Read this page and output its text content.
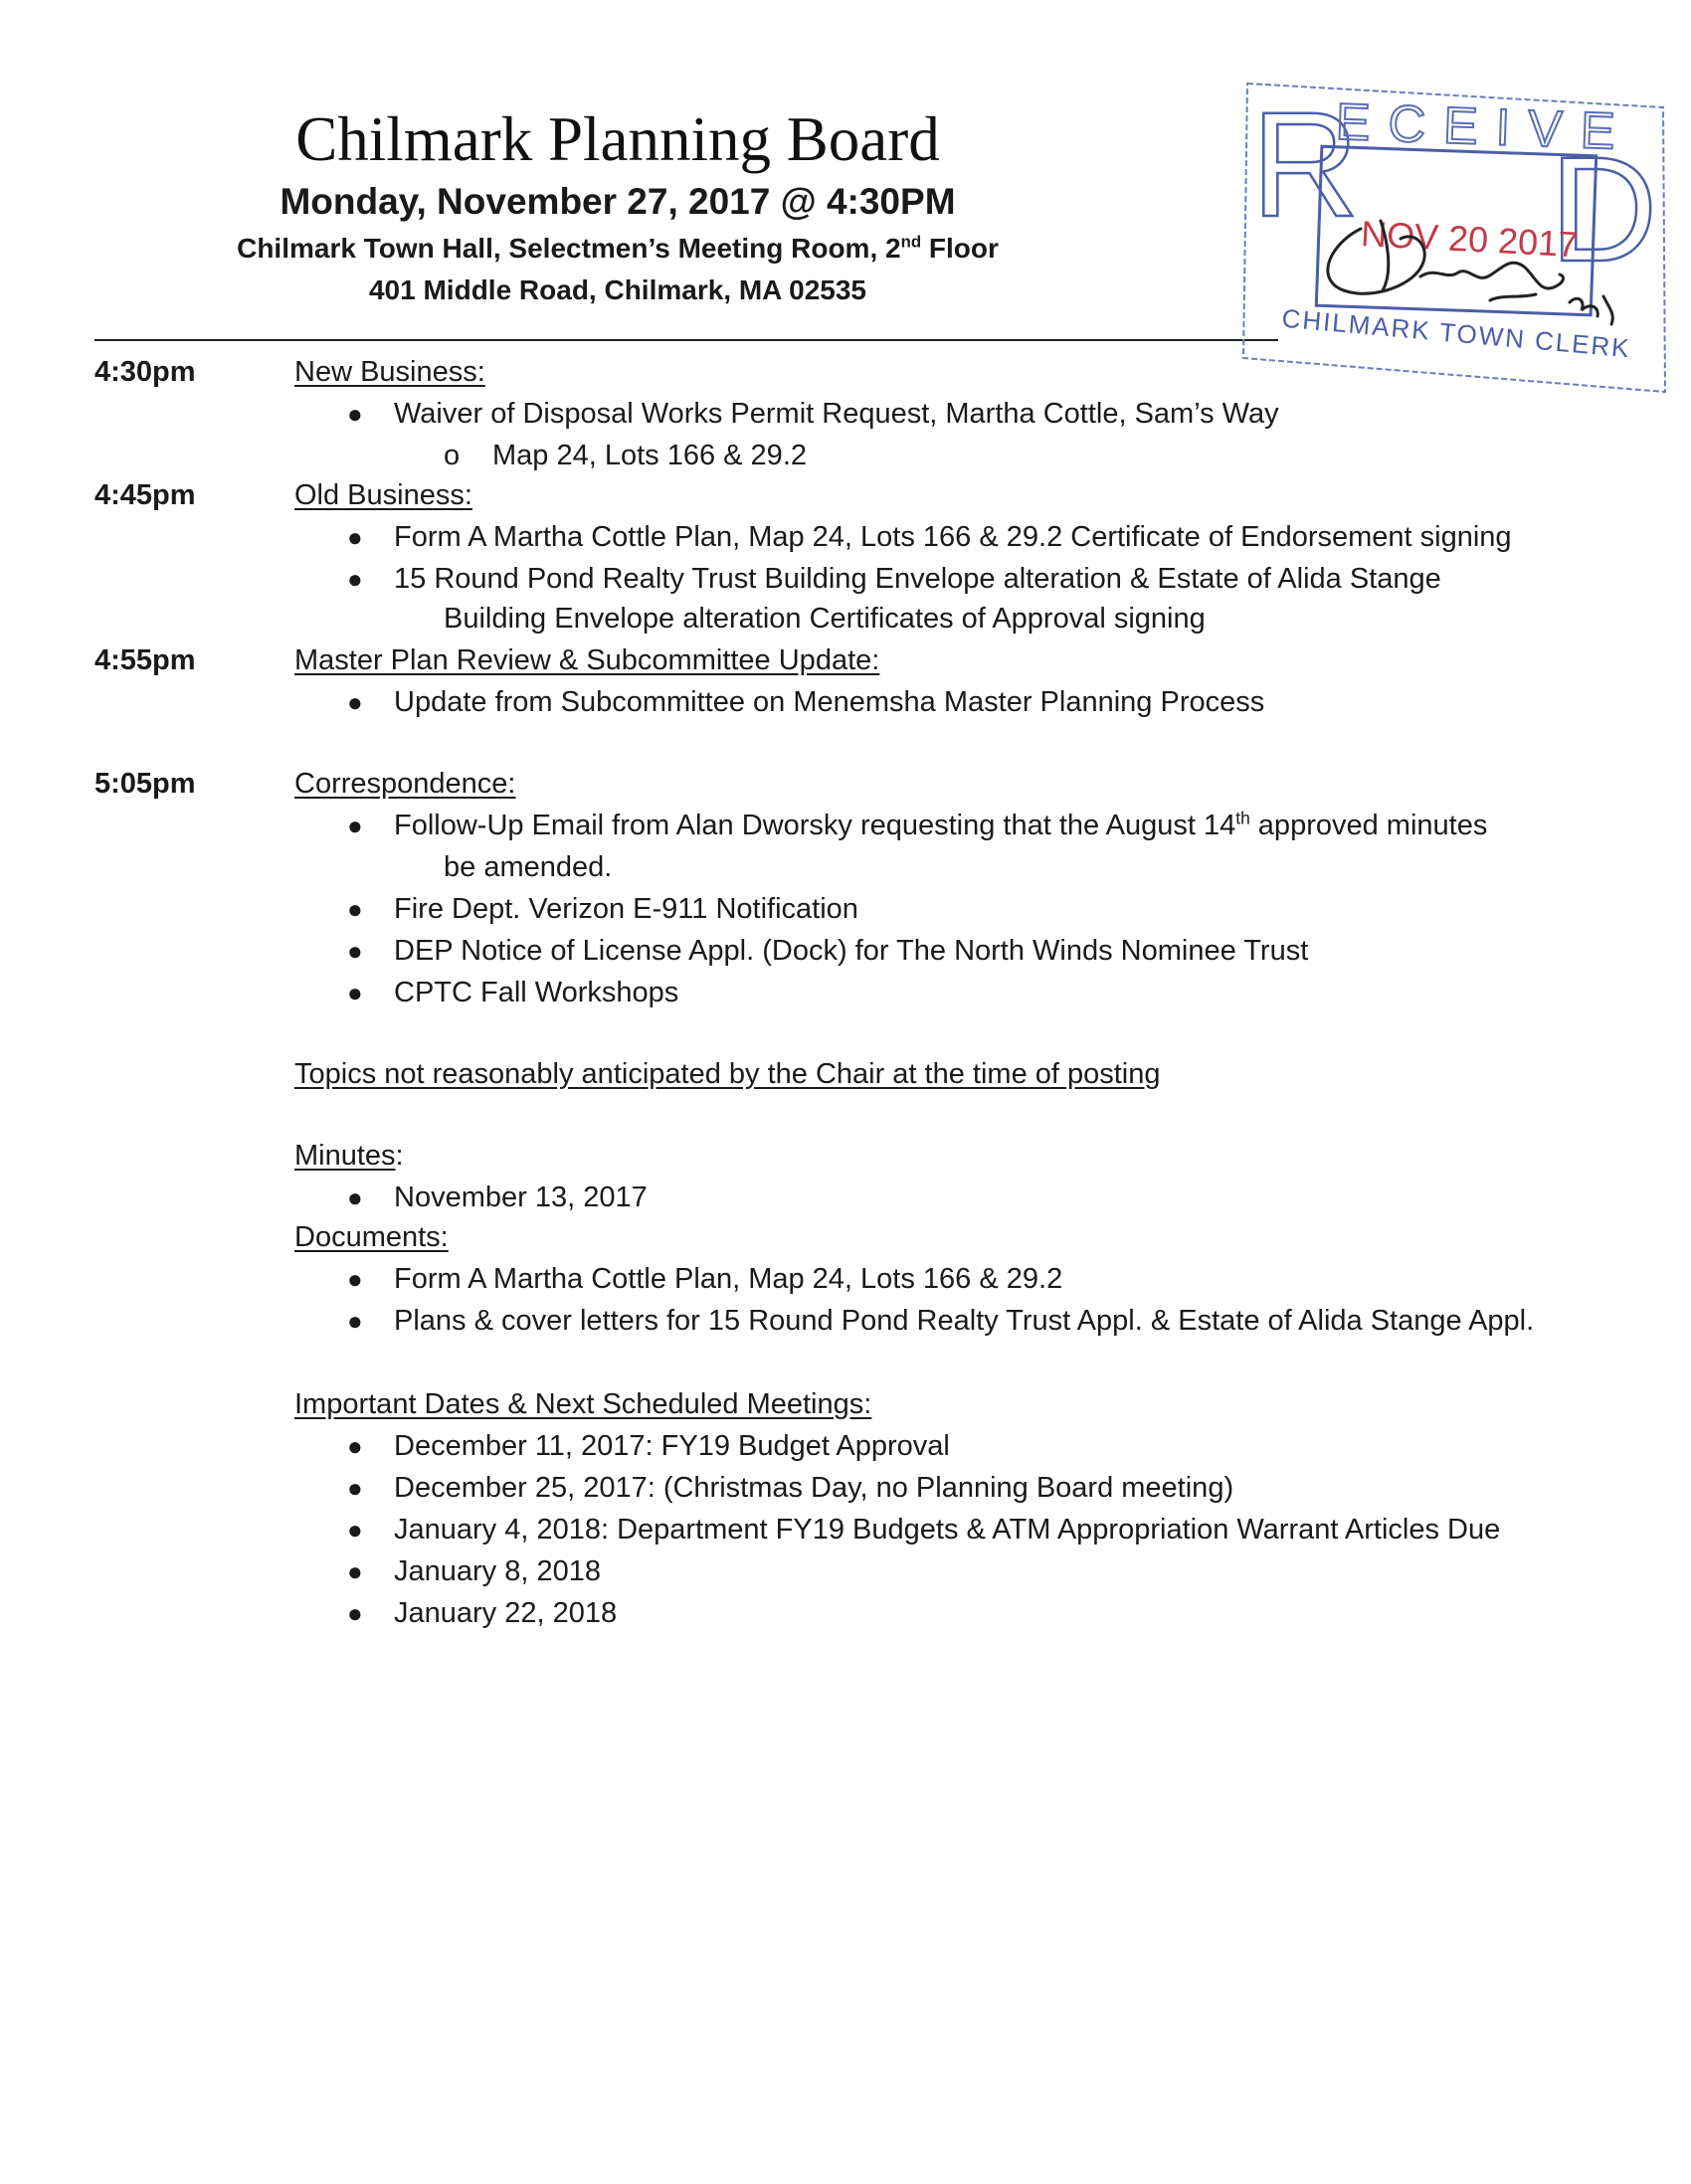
Chilmark Planning Board
Monday, November 27, 2017 @ 4:30PM
Chilmark Town Hall, Selectmen’s Meeting Room, 2nd Floor
401 Middle Road, Chilmark, MA 02535
R D
ECEIVE
NOV 20 2017
CHILMARK TOWN CLERK
4:30pm	New Business:
● Waiver of Disposal Works Permit Request, Martha Cottle, Sam’s Way
o Map 24, Lots 166 & 29.2
4:45pm	Old Business:
● Form A Martha Cottle Plan, Map 24, Lots 166 & 29.2 Certificate of Endorsement signing
● 15 Round Pond Realty Trust Building Envelope alteration & Estate of Alida Stange
Building Envelope alteration Certificates of Approval signing
4:55pm	Master Plan Review & Subcommittee Update:
● Update from Subcommittee on Menemsha Master Planning Process
5:05pm	Correspondence:
● Follow-Up Email from Alan Dworsky requesting that the August 14th approved minutes
be amended.
● Fire Dept. Verizon E-911 Notification
● DEP Notice of License Appl. (Dock) for The North Winds Nominee Trust
● CPTC Fall Workshops
Topics not reasonably anticipated by the Chair at the time of posting
Minutes:
● November 13, 2017
Documents:
● Form A Martha Cottle Plan, Map 24, Lots 166 & 29.2
● Plans & cover letters for 15 Round Pond Realty Trust Appl. & Estate of Alida Stange Appl.
Important Dates & Next Scheduled Meetings:
● December 11, 2017: FY19 Budget Approval
● December 25, 2017: (Christmas Day, no Planning Board meeting)
● January 4, 2018: Department FY19 Budgets & ATM Appropriation Warrant Articles Due
● January 8, 2018
● January 22, 2018
